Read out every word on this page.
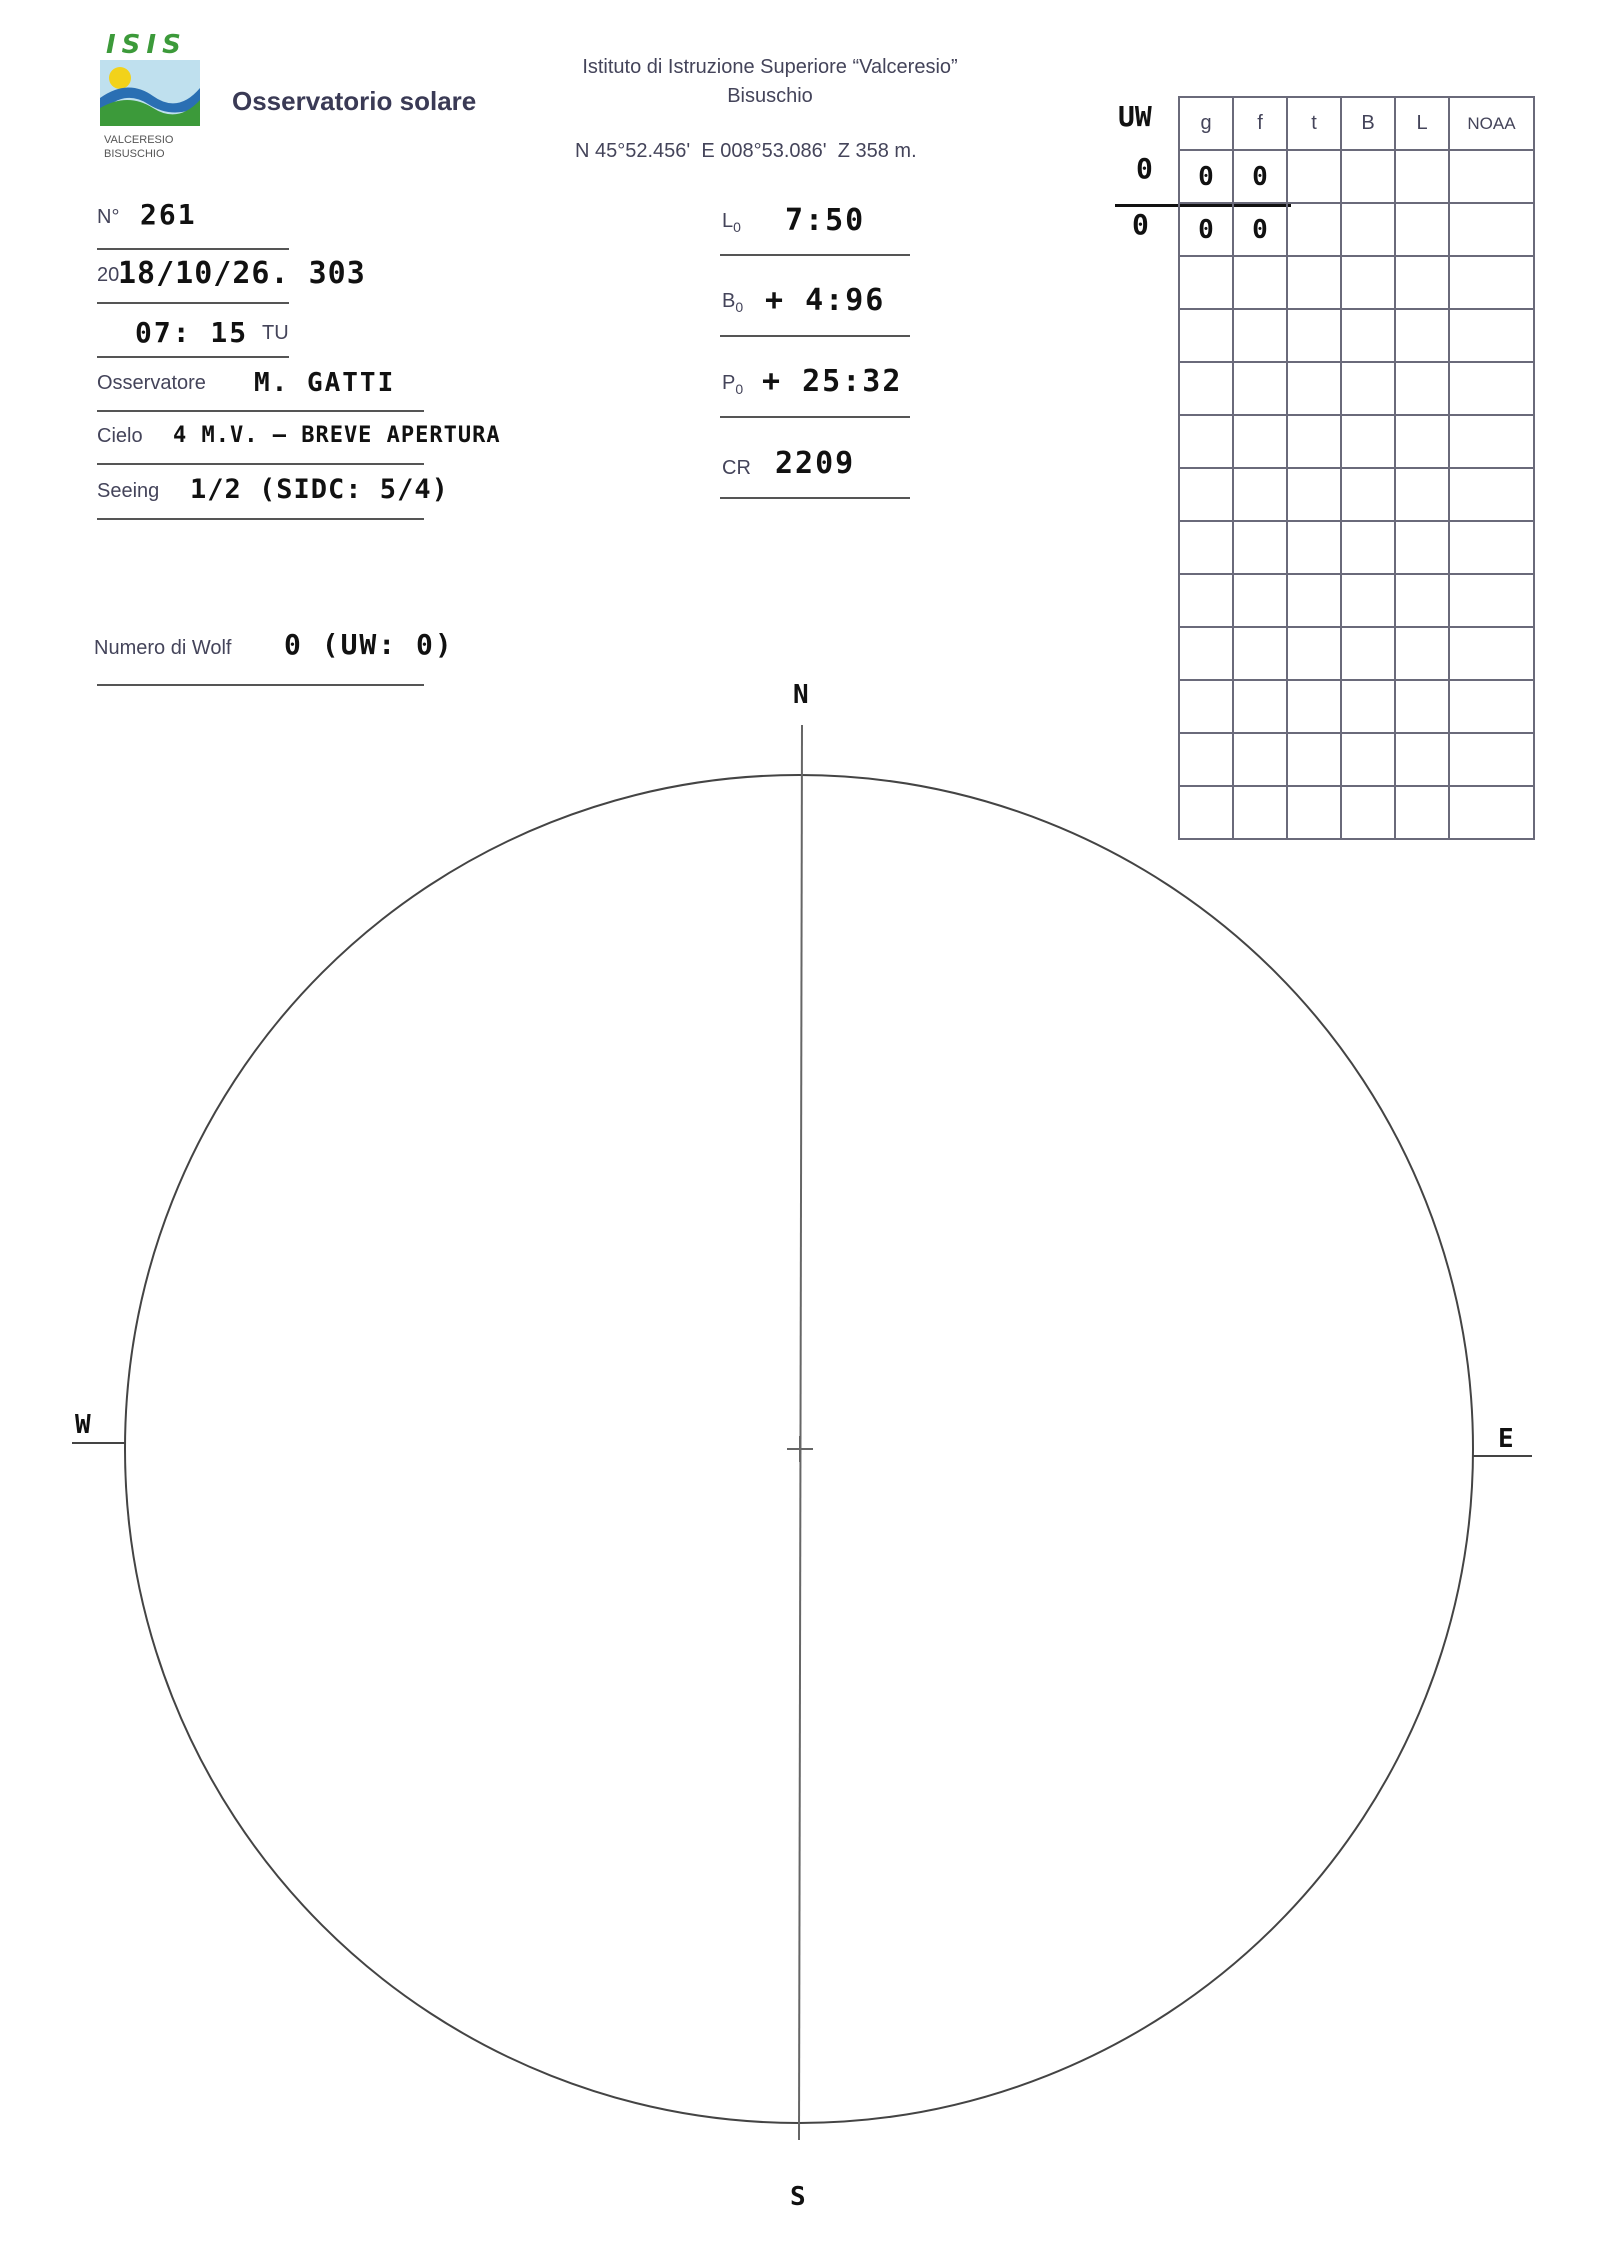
ISIS
VALCERESIO
BISUSCHIO
Osservatorio solare
Istituto di Istruzione Superiore “Valceresio”
Bisuschio
N 45°52.456'  E 008°53.086'  Z 358 m.
N° 261
20
18/10/26. 303
07: 15 TU
Osservatore M. GATTI
Cielo 4 M.V. – BREVE APERTURA
Seeing 1/2 (SIDC: 5/4)
Numero di Wolf 0 (UW: 0)
$L_0$ 7:50
$B_0$ + 4:96
$P_0$ + 25:32
CR 2209
UW
0
0
g	f	t	B	L	NOAA
0	0				
0	0				

N
S
W	E
